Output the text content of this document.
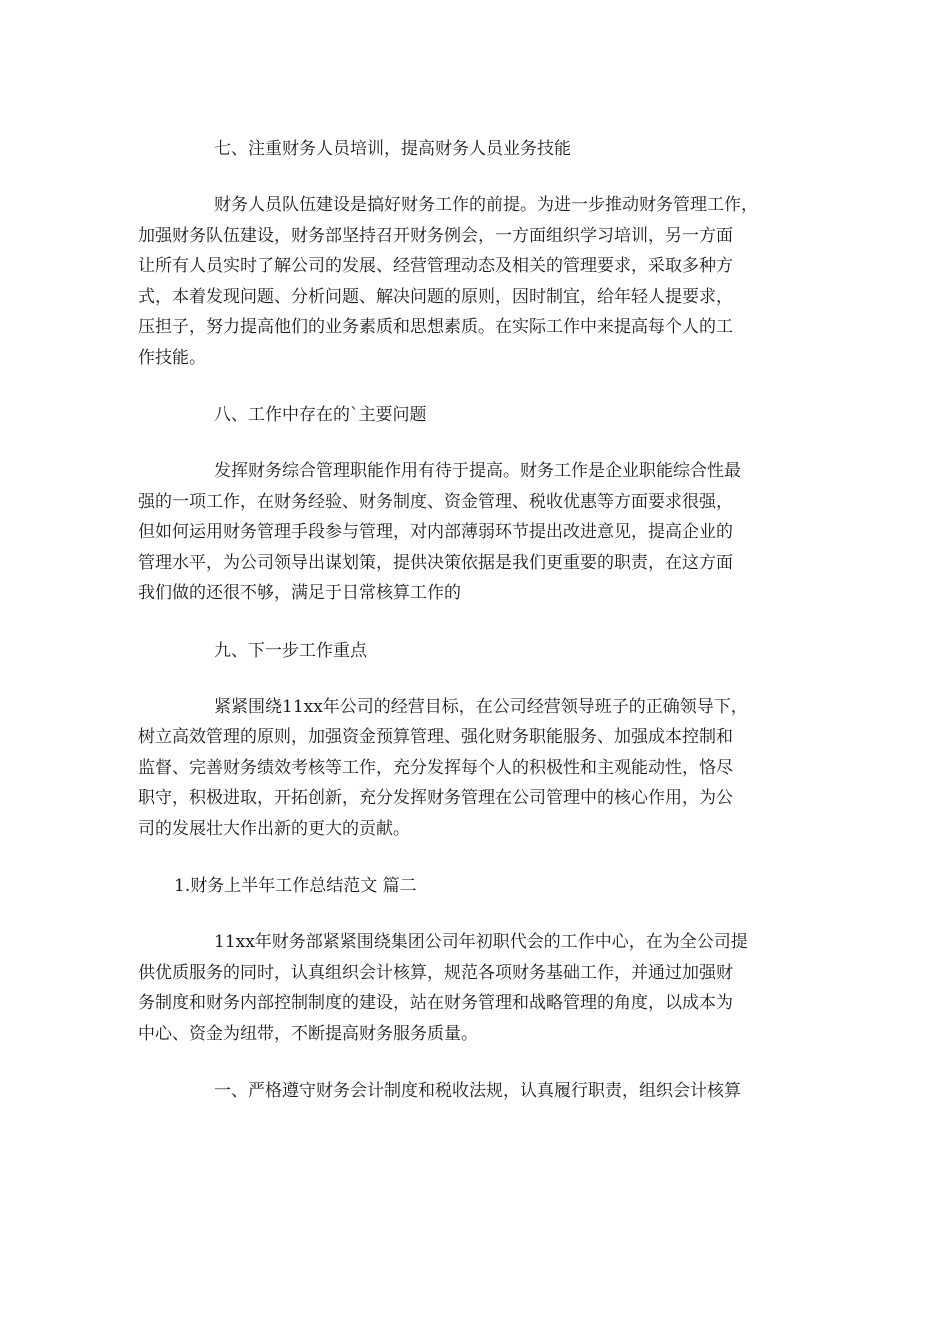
七、注重财务人员培训，提高财务人员业务技能

财务人员队伍建设是搞好财务工作的前提。为进一步推动财务管理工作，
加强财务队伍建设，财务部坚持召开财务例会，一方面组织学习培训，另一方面
让所有人员实时了解公司的发展、经营管理动态及相关的管理要求，采取多种方
式，本着发现问题、分析问题、解决问题的原则，因时制宜，给年轻人提要求，
压担子，努力提高他们的业务素质和思想素质。在实际工作中来提高每个人的工
作技能。

八、工作中存在的`主要问题

发挥财务综合管理职能作用有待于提高。财务工作是企业职能综合性最
强的一项工作，在财务经验、财务制度、资金管理、税收优惠等方面要求很强，
但如何运用财务管理手段参与管理，对内部薄弱环节提出改进意见，提高企业的
管理水平，为公司领导出谋划策，提供决策依据是我们更重要的职责，在这方面
我们做的还很不够，满足于日常核算工作的

九、下一步工作重点

紧紧围绕11xx年公司的经营目标，在公司经营领导班子的正确领导下，
树立高效管理的原则，加强资金预算管理、强化财务职能服务、加强成本控制和
监督、完善财务绩效考核等工作，充分发挥每个人的积极性和主观能动性，恪尽
职守，积极进取，开拓创新，充分发挥财务管理在公司管理中的核心作用，为公
司的发展壮大作出新的更大的贡献。

1.财务上半年工作总结范文 篇二

11xx年财务部紧紧围绕集团公司年初职代会的工作中心，在为全公司提
供优质服务的同时，认真组织会计核算，规范各项财务基础工作，并通过加强财
务制度和财务内部控制制度的建设，站在财务管理和战略管理的角度，以成本为
中心、资金为纽带，不断提高财务服务质量。

一、严格遵守财务会计制度和税收法规，认真履行职责，组织会计核算
